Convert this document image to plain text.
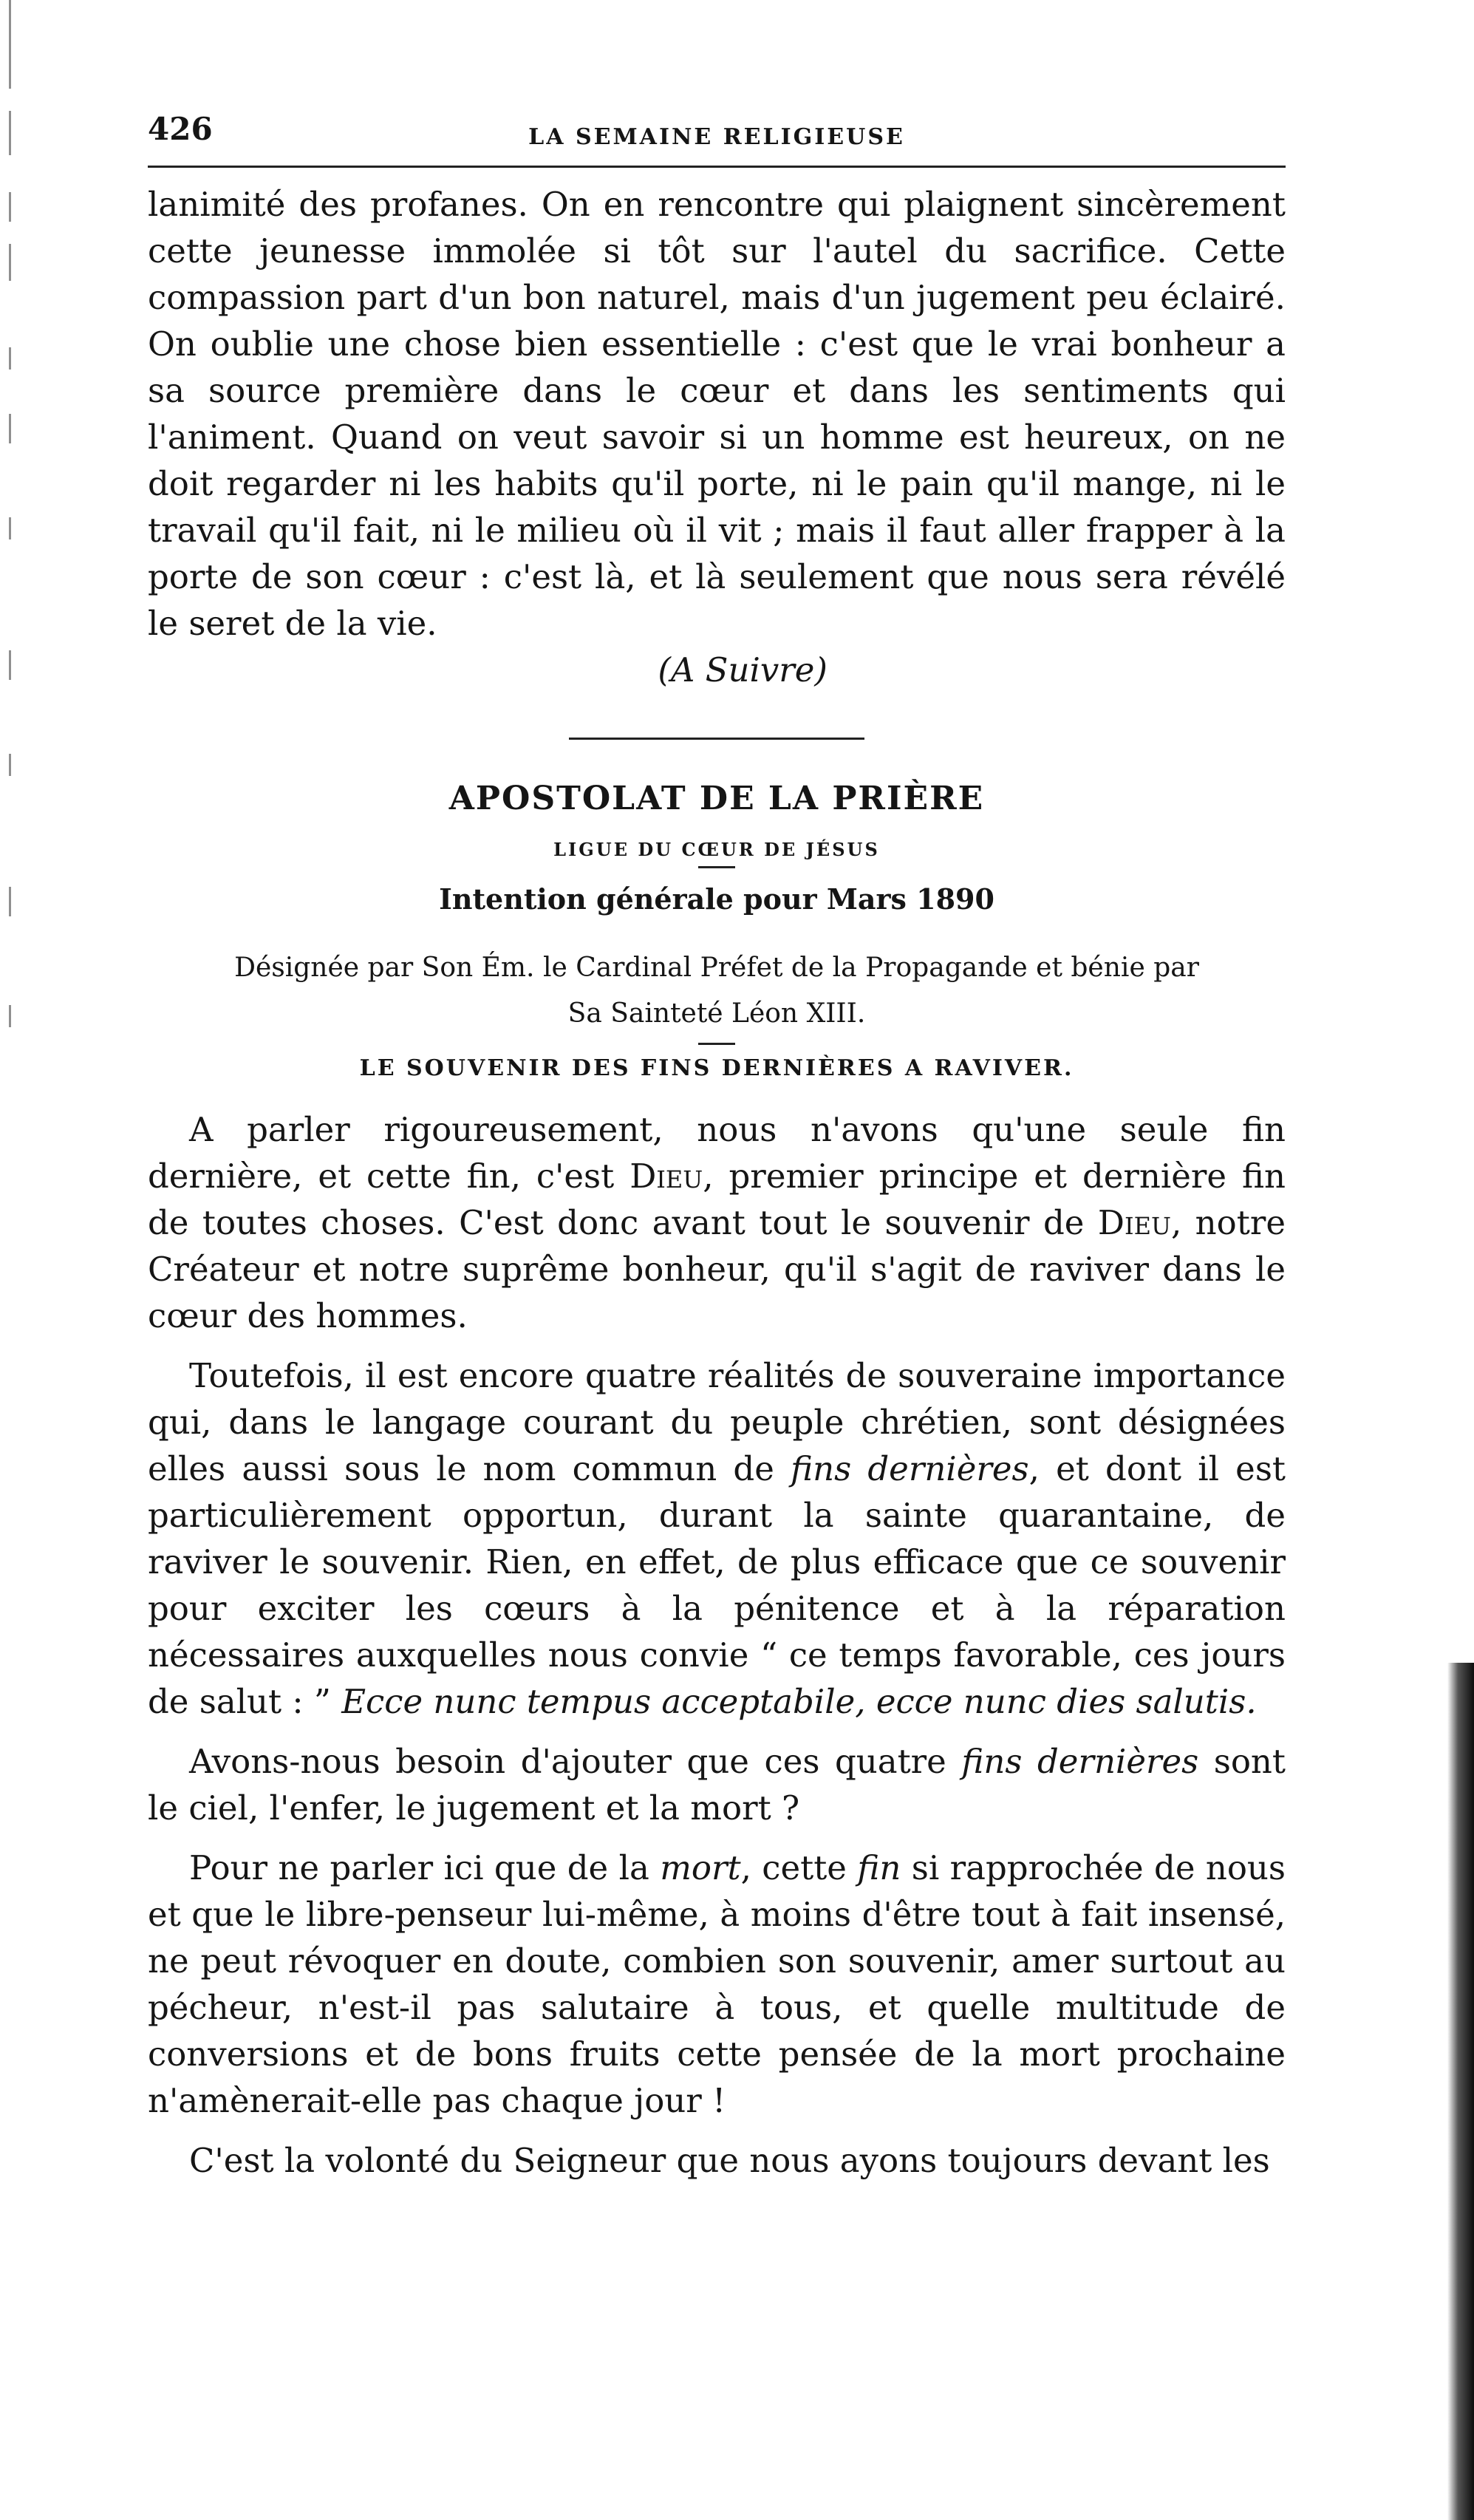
426	LA SEMAINE RELIGIEUSE

lanimité des profanes. On en rencontre qui plaignent sincèrement cette jeunesse immolée si tôt sur l'autel du sacrifice. Cette compassion part d'un bon naturel, mais d'un jugement peu éclairé. On oublie une chose bien essentielle : c'est que le vrai bonheur a sa source première dans le cœur et dans les sentiments qui l'animent. Quand on veut savoir si un homme est heureux, on ne doit regarder ni les habits qu'il porte, ni le pain qu'il mange, ni le travail qu'il fait, ni le milieu où il vit ; mais il faut aller frapper à la porte de son cœur : c'est là, et là seulement que nous sera révélé le seret de la vie.

(A Suivre)

APOSTOLAT DE LA PRIÈRE

LIGUE DU CŒUR DE JÉSUS

Intention générale pour Mars 1890

Désignée par Son Ém. le Cardinal Préfet de la Propagande et bénie par
Sa Sainteté Léon XIII.

LE SOUVENIR DES FINS DERNIÈRES A RAVIVER.

A parler rigoureusement, nous n'avons qu'une seule fin dernière, et cette fin, c'est Dieu, premier principe et dernière fin de toutes choses. C'est donc avant tout le souvenir de Dieu, notre Créateur et notre suprême bonheur, qu'il s'agit de raviver dans le cœur des hommes.

Toutefois, il est encore quatre réalités de souveraine importance qui, dans le langage courant du peuple chrétien, sont désignées elles aussi sous le nom commun de fins dernières, et dont il est particulièrement opportun, durant la sainte quarantaine, de raviver le souvenir. Rien, en effet, de plus efficace que ce souvenir pour exciter les cœurs à la pénitence et à la réparation nécessaires auxquelles nous convie “ ce temps favorable, ces jours de salut : ” Ecce nunc tempus acceptabile, ecce nunc dies salutis.

Avons-nous besoin d'ajouter que ces quatre fins dernières sont le ciel, l'enfer, le jugement et la mort ?

Pour ne parler ici que de la mort, cette fin si rapprochée de nous et que le libre-penseur lui-même, à moins d'être tout à fait insensé, ne peut révoquer en doute, combien son souvenir, amer surtout au pécheur, n'est-il pas salutaire à tous, et quelle multitude de conversions et de bons fruits cette pensée de la mort prochaine n'amènerait-elle pas chaque jour !

C'est la volonté du Seigneur que nous ayons toujours devant les
